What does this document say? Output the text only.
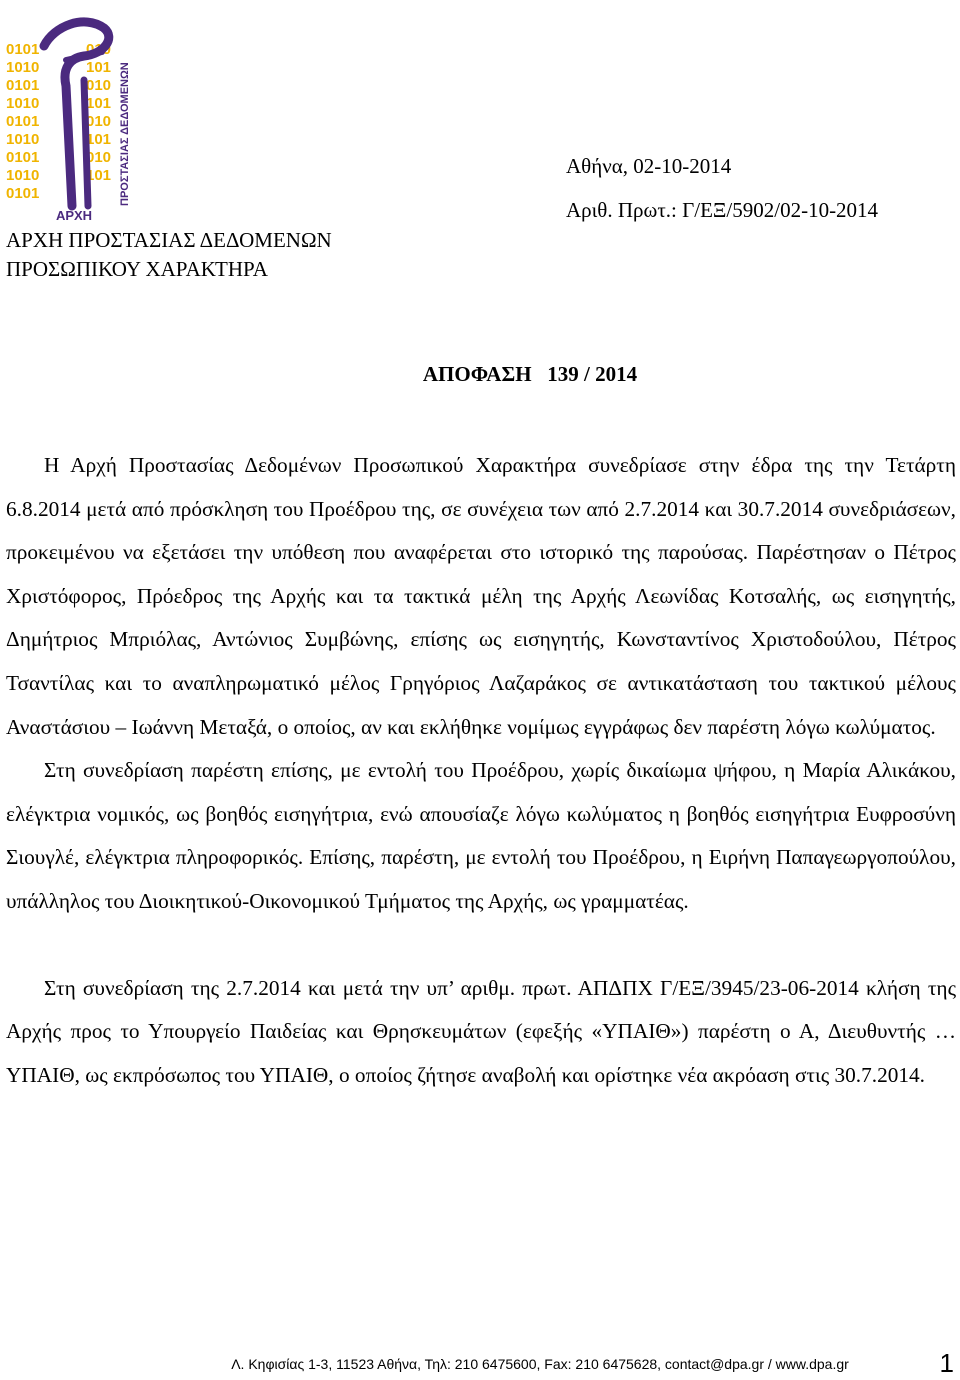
0101
1010
0101
1010
0101
1010
0101
1010
0101
010
101
010
101
010
101
010
101
ΑΡΧΗ
ΠΡΟΣΤΑΣΙΑΣ ΔΕΔΟΜΕΝΩΝ
ΑΡΧΗ ΠΡΟΣΤΑΣΙΑΣ ΔΕΔΟΜΕΝΩΝ
ΠΡΟΣΩΠΙΚΟΥ ΧΑΡΑΚΤΗΡΑ
Αθήνα, 02-10-2014
Αριθ. Πρωτ.: Γ/ΕΞ/5902/02-10-2014
ΑΠΟΦΑΣΗ   139 / 2014

Η Αρχή Προστασίας Δεδομένων Προσωπικού Χαρακτήρα συνεδρίασε στην έδρα της την Τετάρτη 6.8.2014 μετά από πρόσκληση του Προέδρου της, σε συνέχεια των από 2.7.2014 και 30.7.2014 συνεδριάσεων, προκειμένου να εξετάσει την υπόθεση που αναφέρεται στο ιστορικό της παρούσας. Παρέστησαν ο Πέτρος Χριστόφορος, Πρόεδρος της Αρχής και τα τακτικά μέλη της Αρχής Λεωνίδας Κοτσαλής, ως εισηγητής, Δημήτριος Μπριόλας, Αντώνιος Συμβώνης, επίσης ως εισηγητής, Κωνσταντίνος Χριστοδούλου, Πέτρος Τσαντίλας και το αναπληρωματικό μέλος Γρηγόριος Λαζαράκος σε αντικατάσταση του τακτικού μέλους Αναστάσιου – Ιωάννη Μεταξά, ο οποίος, αν και εκλήθηκε νομίμως εγγράφως δεν παρέστη λόγω κωλύματος.

Στη συνεδρίαση παρέστη επίσης, με εντολή του Προέδρου, χωρίς δικαίωμα ψήφου, η Μαρία Αλικάκου, ελέγκτρια νομικός, ως βοηθός εισηγήτρια, ενώ απουσίαζε λόγω κωλύματος η βοηθός εισηγήτρια Ευφροσύνη Σιουγλέ, ελέγκτρια πληροφορικός. Επίσης, παρέστη, με εντολή του Προέδρου, η Ειρήνη Παπαγεωργοπούλου, υπάλληλος του Διοικητικού-Οικονομικού Τμήματος της Αρχής, ως γραμματέας.

Στη συνεδρίαση της 2.7.2014 και μετά την υπ’ αριθμ. πρωτ. ΑΠΔΠΧ Γ/ΕΞ/3945/23-06-2014 κλήση της Αρχής προς το Υπουργείο Παιδείας και Θρησκευμάτων (εφεξής «ΥΠΑΙΘ») παρέστη ο Α, Διευθυντής … ΥΠΑΙΘ, ως εκπρόσωπος του ΥΠΑΙΘ, ο οποίος ζήτησε αναβολή και ορίστηκε νέα ακρόαση στις 30.7.2014.

Λ. Κηφισίας 1-3, 11523 Αθήνα, Τηλ: 210 6475600, Fax: 210 6475628, contact@dpa.gr / www.dpa.gr	1
